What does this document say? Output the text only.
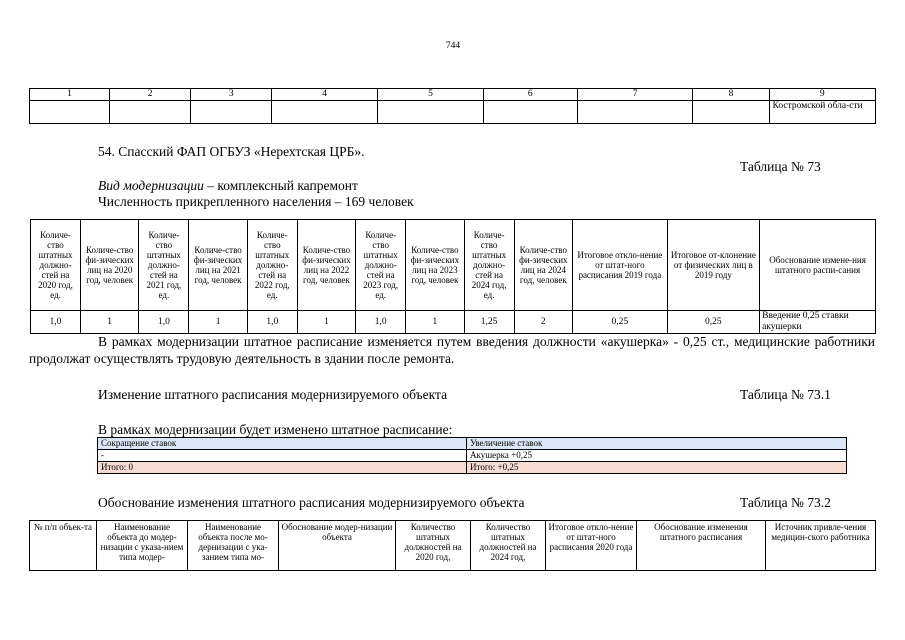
744
1	2	3	4	5	6	7	8	9
								Костромской обла-сти
54. Спасский ФАП ОГБУЗ «Нерехтская ЦРБ».
Таблица № 73
Вид модернизации – комплексный капремонт
Численность прикрепленного населения – 169 человек
Количе-ство штатных должно-стей на 2020 год, ед.	Количе-ство фи-зических лиц на 2020 год, человек	Количе-ство штатных должно-стей на 2021 год, ед.	Количе-ство фи-зических лиц на 2021 год, человек	Количе-ство штатных должно-стей на 2022 год, ед.	Количе-ство фи-зических лиц на 2022 год, человек	Количе-ство штатных должно-стей на 2023 год, ед.	Количе-ство фи-зических лиц на 2023 год, человек	Количе-ство штатных должно-стей на 2024 год, ед.	Количе-ство фи-зических лиц на 2024 год, человек	Итоговое откло-нение от штат-ного расписания 2019 года	Итоговое от-клонение от физических лиц в 2019 году	Обоснование измене-ния штатного распи-сания
1,0	1	1,0	1	1,0	1	1,0	1	1,25	2	0,25	0,25	Введение 0,25 ставки акушерки
В рамках модернизации штатное расписание изменяется путем введения должности «акушерка» - 0,25 ст., медицинские работники продолжат осуществлять трудовую деятельность в здании после ремонта.
Изменение штатного расписания модернизируемого объекта	Таблица № 73.1
В рамках модернизации будет изменено штатное расписание:
Сокращение ставок	Увеличение ставок
-	Акушерка +0,25
Итого: 0	Итого: +0,25
Обоснование изменения штатного расписания модернизируемого объекта	Таблица № 73.2
№ п/п объек-та	Наименование объекта до модер-низации с указа-нием типа модер-	Наименование объекта после мо-дернизации с ука-занием типа мо-	Обоснование модер-низации объекта	Количество штатных должностей на 2020 год,	Количество штатных должностей на 2024 год,	Итоговое откло-нение от штат-ного расписания 2020 года	Обоснование изменения штатного расписания	Источник привле-чения медицин-ского работника
